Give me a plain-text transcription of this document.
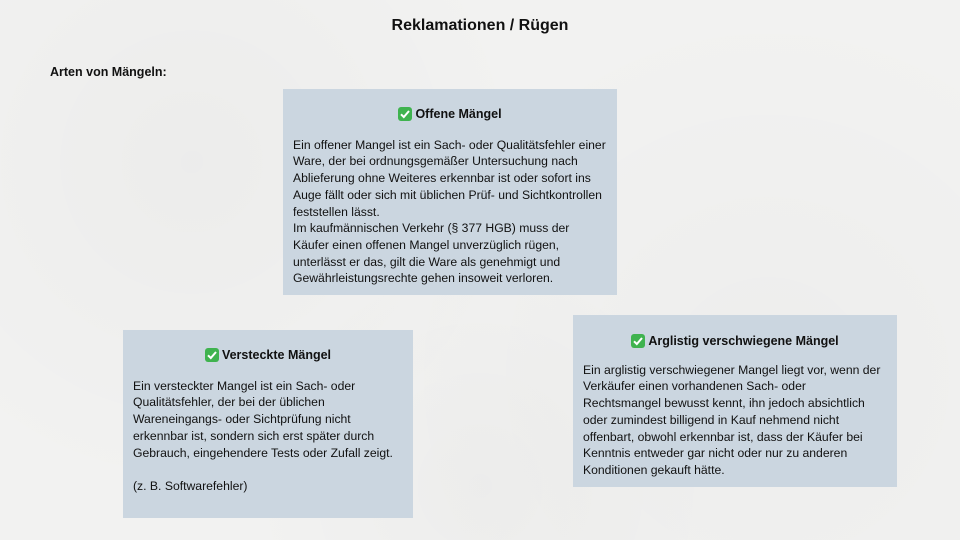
Reklamationen / Rügen
Arten von Mängeln:
Offene Mängel

Ein offener Mangel ist ein Sach- oder Qualitätsfehler einer Ware, der bei ordnungsgemäßer Untersuchung nach Ablieferung ohne Weiteres erkennbar ist oder sofort ins Auge fällt oder sich mit üblichen Prüf- und Sichtkontrollen feststellen lässt.

Im kaufmännischen Verkehr (§ 377 HGB) muss der Käufer einen offenen Mangel unverzüglich rügen, unterlässt er das, gilt die Ware als genehmigt und Gewährleistungsrechte gehen insoweit verloren.

Versteckte Mängel

Ein versteckter Mangel ist ein Sach- oder Qualitätsfehler, der bei der üblichen Wareneingangs- oder Sichtprüfung nicht erkennbar ist, sondern sich erst später durch Gebrauch, eingehendere Tests oder Zufall zeigt.

(z. B. Softwarefehler)

Arglistig verschwiegene Mängel

Ein arglistig verschwiegener Mangel liegt vor, wenn der Verkäufer einen vorhandenen Sach- oder Rechtsmangel bewusst kennt, ihn jedoch absichtlich oder zumindest billigend in Kauf nehmend nicht offenbart, obwohl erkennbar ist, dass der Käufer bei Kenntnis entweder gar nicht oder nur zu anderen Konditionen gekauft hätte.
